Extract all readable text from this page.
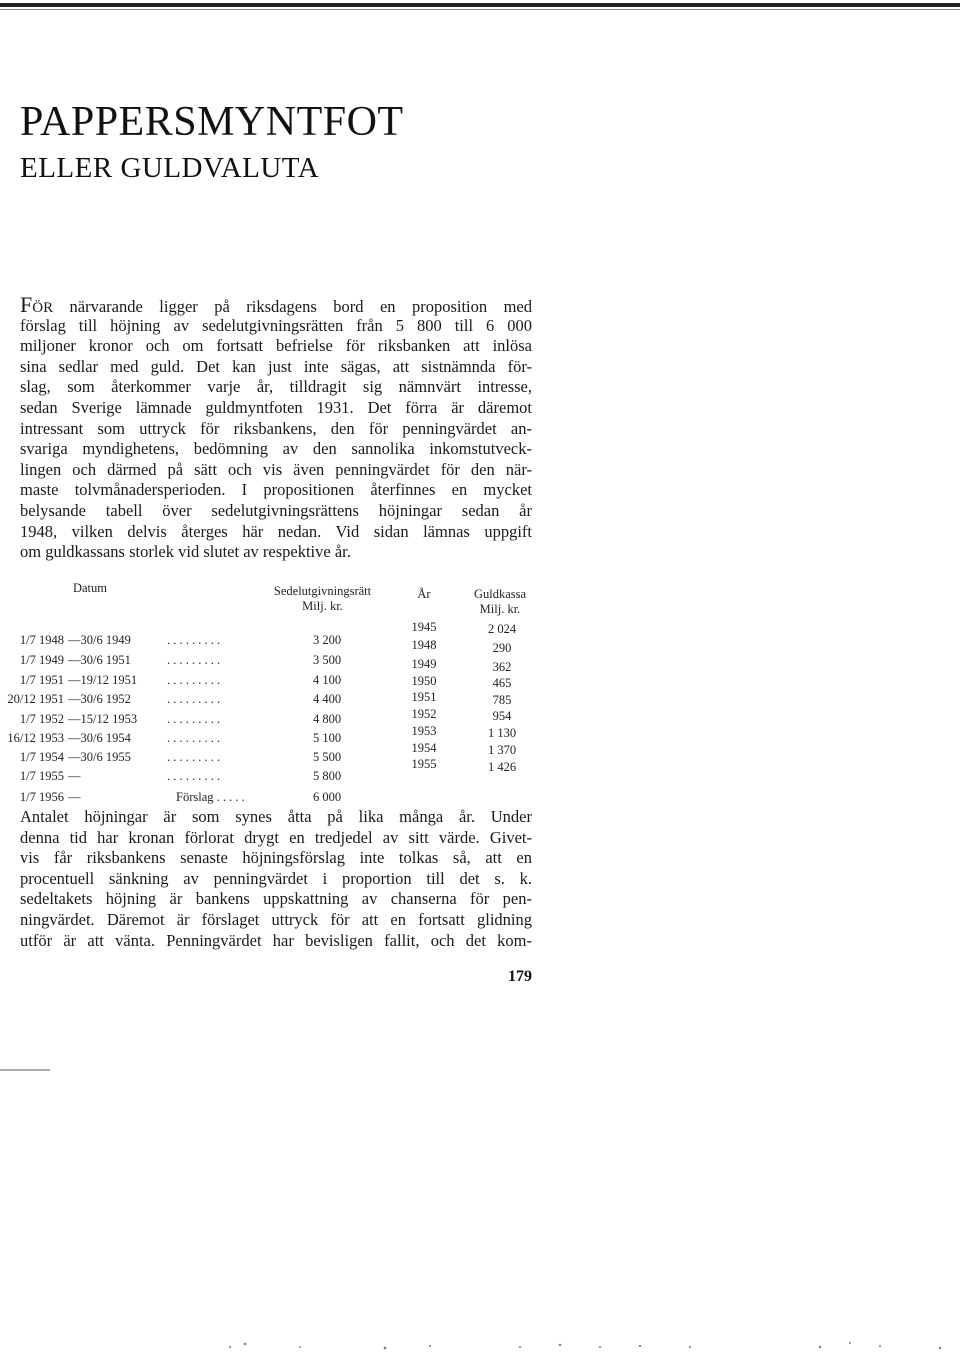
PAPPERSMYNTFOT
ELLER GULDVALUTA

FÖR närvarande ligger på riksdagens bord en proposition med
förslag till höjning av sedelutgivningsrätten från 5 800 till 6 000
miljoner kronor och om fortsatt befrielse för riksbanken att inlösa
sina sedlar med guld. Det kan just inte sägas, att sistnämnda för-
slag, som återkommer varje år, tilldragit sig nämnvärt intresse,
sedan Sverige lämnade guldmyntfoten 1931. Det förra är däremot
intressant som uttryck för riksbankens, den för penningvärdet an-
svariga myndighetens, bedömning av den sannolika inkomstutveck-
lingen och därmed på sätt och vis även penningvärdet för den när-
maste tolvmånadersperioden. I propositionen återfinnes en mycket
belysande tabell över sedelutgivningsrättens höjningar sedan år
1948, vilken delvis återges här nedan. Vid sidan lämnas uppgift
om guldkassans storlek vid slutet av respektive år.

Datum	Sedelutgivningsrätt
Milj. kr.
År	Guldkassa
Milj. kr.
1/7 1948 —30/6 1949	. . . . . . . . .	3 200
1/7 1949 —30/6 1951	. . . . . . . . .	3 500
1/7 1951 —19/12 1951 . . . . . . . . .	4 100
20/12 1951 —30/6 1952	. . . . . . . . .	4 400
1/7 1952 —15/12 1953 . . . . . . . . .	4 800
16/12 1953 —30/6 1954	. . . . . . . . .	5 100
1/7 1954 —30/6 1955	. . . . . . . . .	5 500
1/7 1955 —	. . . . . . . . .	5 800
1/7 1956 —	Förslag . . . . .	6 000
1945	2 024
1948	290
1949	362
1950	465
1951	785
1952	954
1953	1 130
1954	1 370
1955	1 426

Antalet höjningar är som synes åtta på lika många år. Under
denna tid har kronan förlorat drygt en tredjedel av sitt värde. Givet-
vis får riksbankens senaste höjningsförslag inte tolkas så, att en
procentuell sänkning av penningvärdet i proportion till det s. k.
sedeltakets höjning är bankens uppskattning av chanserna för pen-
ningvärdet. Däremot är förslaget uttryck för att en fortsatt glidning
utför är att vänta. Penningvärdet har bevisligen fallit, och det kom-

179
